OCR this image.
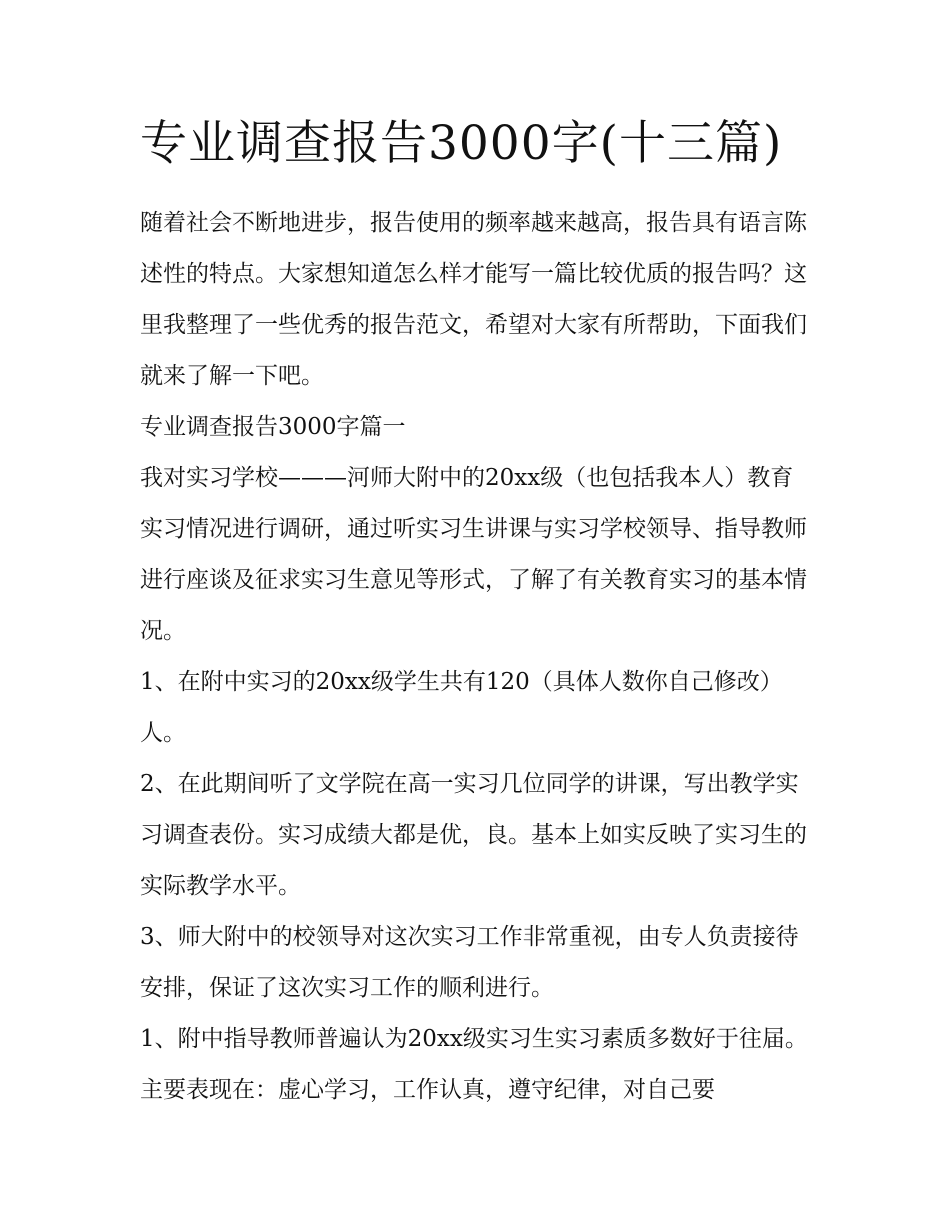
专业调查报告3000字(十三篇)

随着社会不断地进步，报告使用的频率越来越高，报告具有语言陈述性的特点。大家想知道怎么样才能写一篇比较优质的报告吗？这里我整理了一些优秀的报告范文，希望对大家有所帮助，下面我们就来了解一下吧。

专业调查报告3000字篇一

我对实习学校———河师大附中的20xx级（也包括我本人）教育实习情况进行调研，通过听实习生讲课与实习学校领导、指导教师进行座谈及征求实习生意见等形式，了解了有关教育实习的基本情况。

1、在附中实习的20xx级学生共有120（具体人数你自己修改）人。

2、在此期间听了文学院在高一实习几位同学的讲课，写出教学实习调查表份。实习成绩大都是优，良。基本上如实反映了实习生的实际教学水平。

3、师大附中的校领导对这次实习工作非常重视，由专人负责接待安排，保证了这次实习工作的顺利进行。

1、附中指导教师普遍认为20xx级实习生实习素质多数好于往届。主要表现在：虚心学习，工作认真，遵守纪律，对自己要
